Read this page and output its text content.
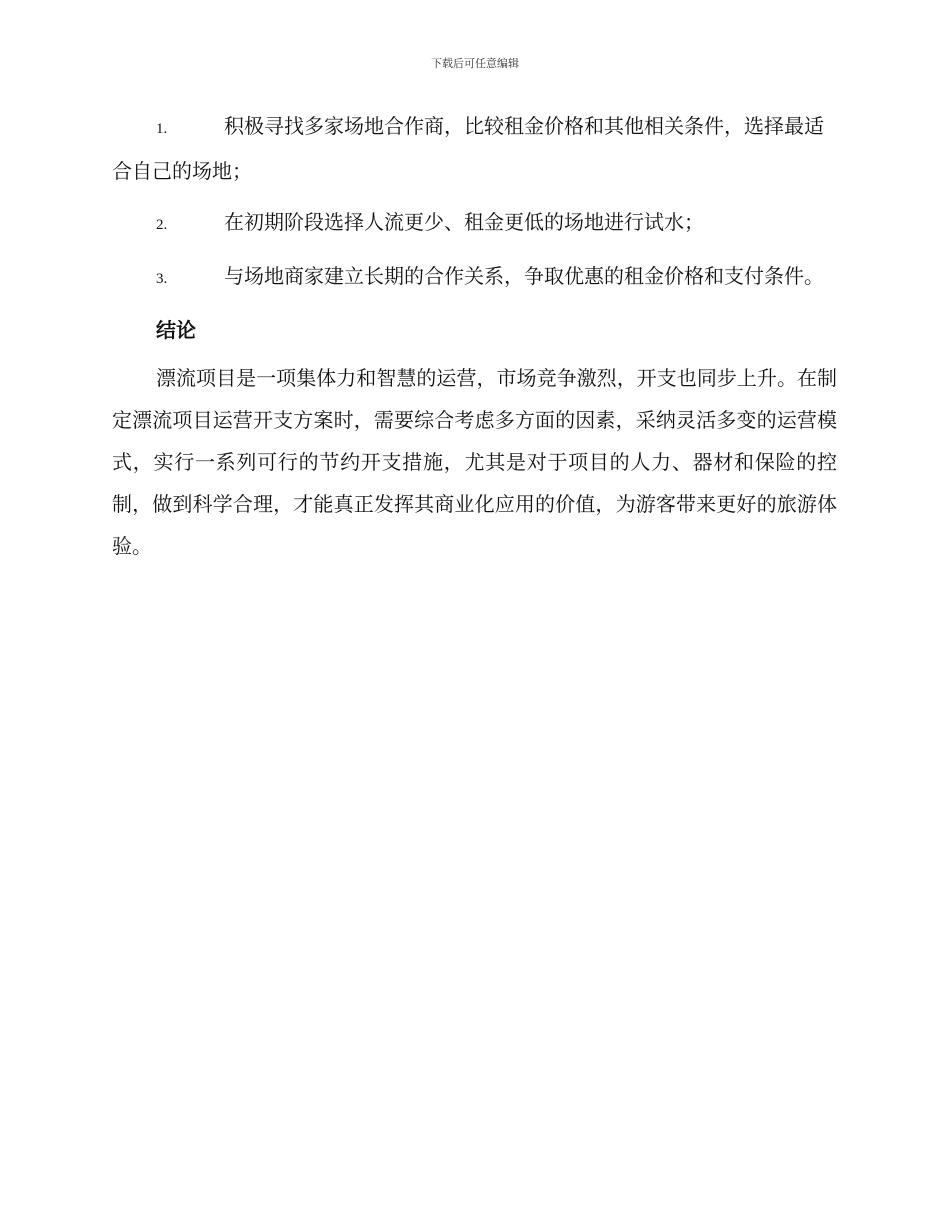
下载后可任意编辑

1.	积极寻找多家场地合作商，比较租金价格和其他相关条件，选择最适合自己的场地；

2.	在初期阶段选择人流更少、租金更低的场地进行试水；

3.	与场地商家建立长期的合作关系，争取优惠的租金价格和支付条件。

结论

漂流项目是一项集体力和智慧的运营，市场竞争激烈，开支也同步上升。在制定漂流项目运营开支方案时，需要综合考虑多方面的因素，采纳灵活多变的运营模式，实行一系列可行的节约开支措施，尤其是对于项目的人力、器材和保险的控制，做到科学合理，才能真正发挥其商业化应用的价值，为游客带来更好的旅游体验。
